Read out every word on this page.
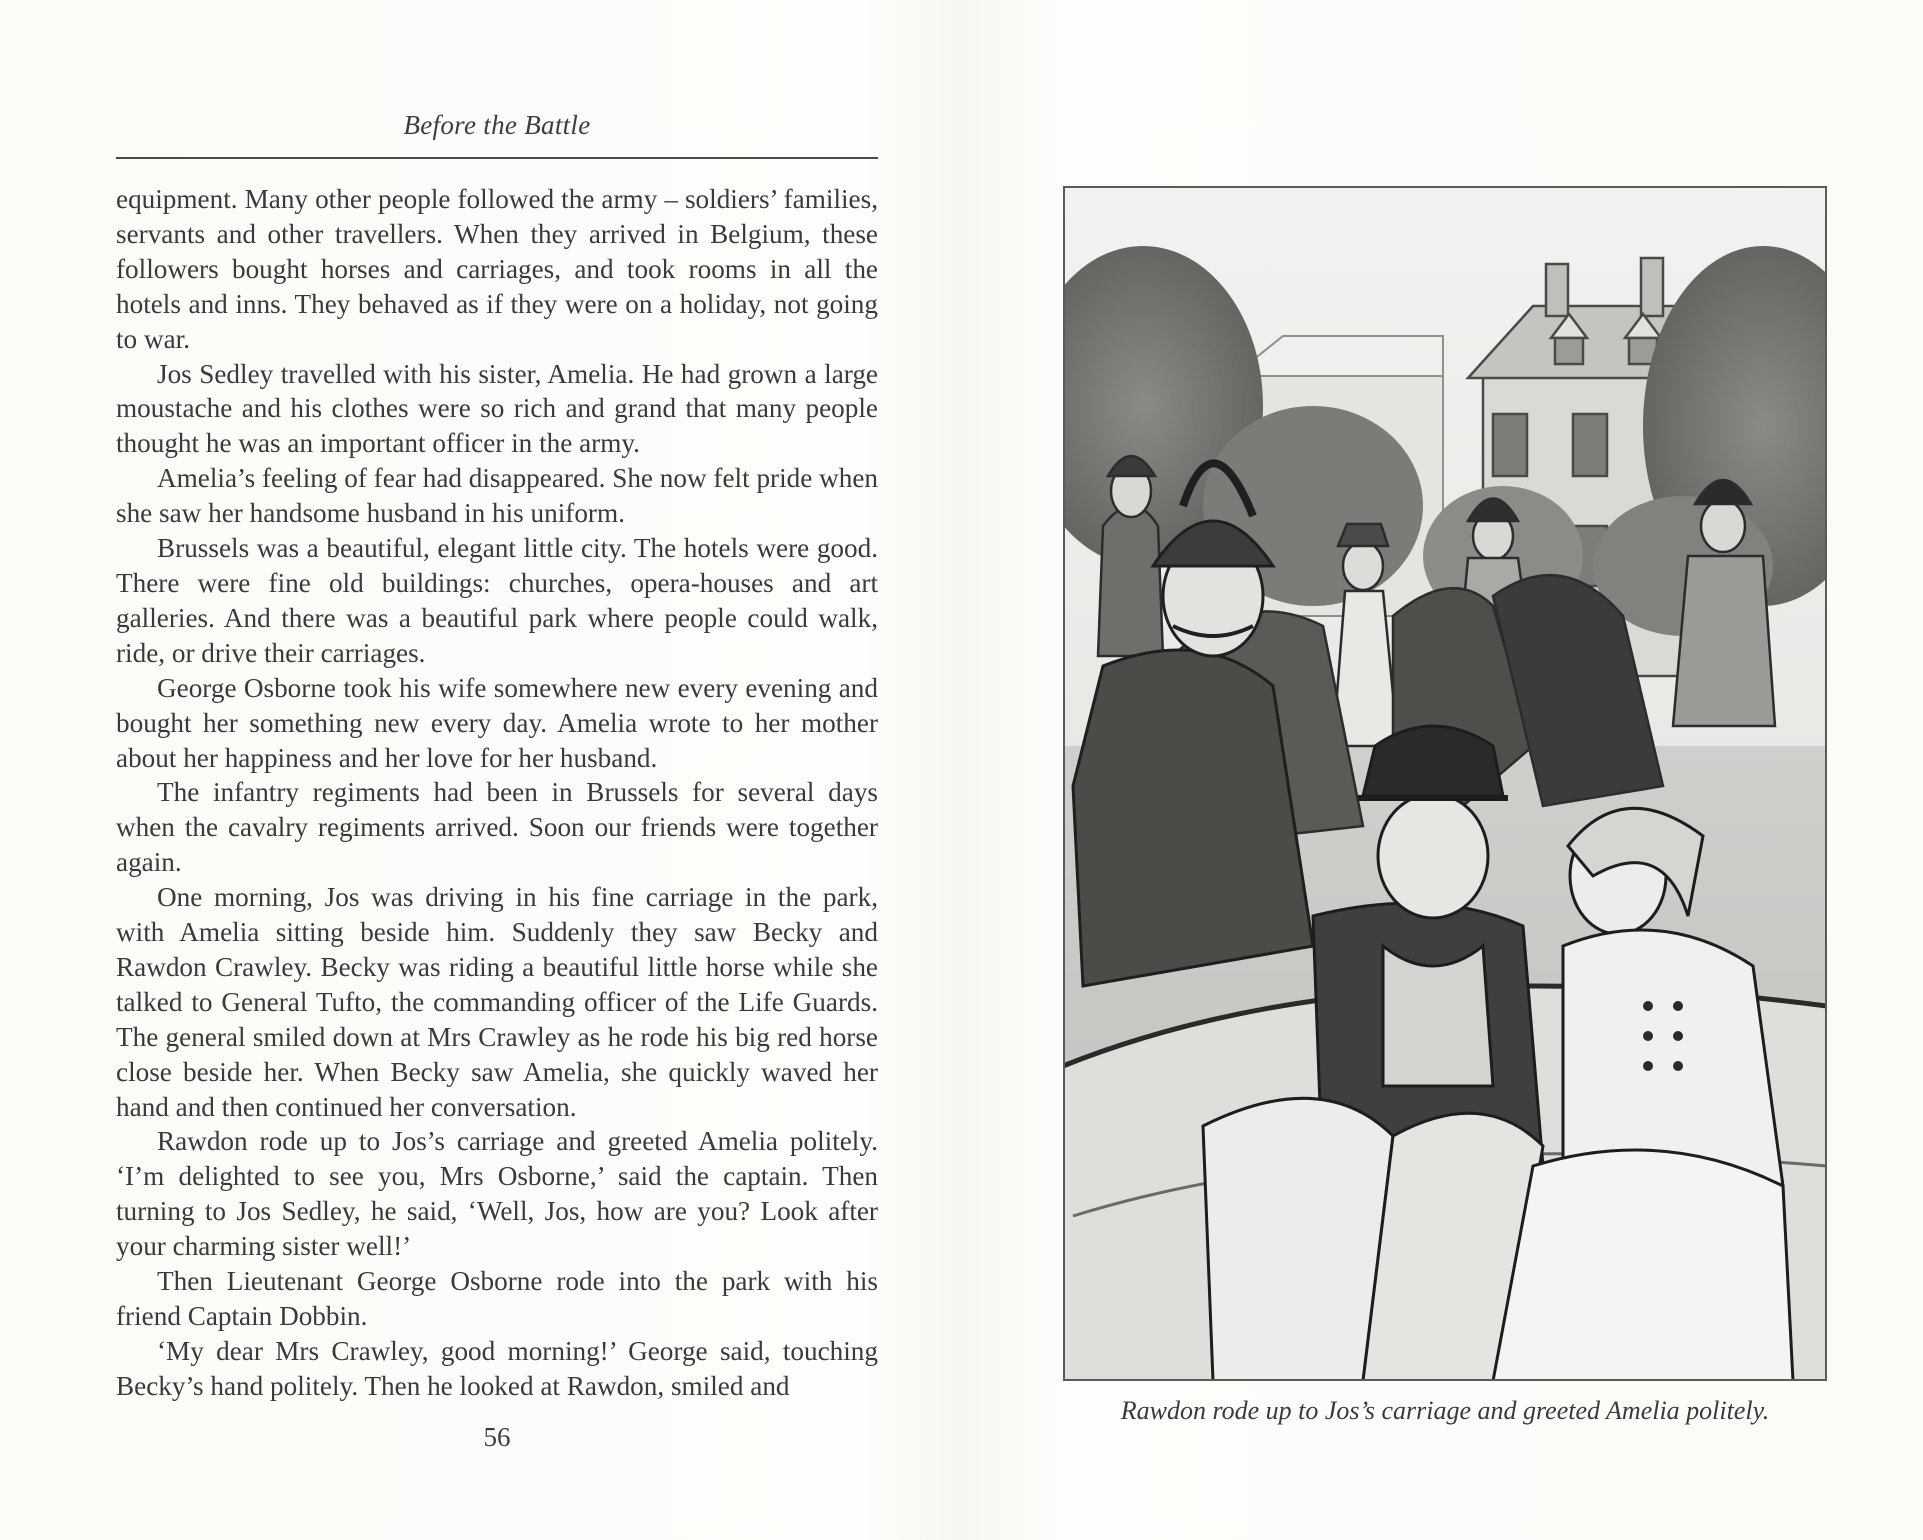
Before the Battle

equipment. Many other people followed the army – soldiers’ families, servants and other travellers. When they arrived in Belgium, these followers bought horses and carriages, and took rooms in all the hotels and inns. They behaved as if they were on a holiday, not going to war.

Jos Sedley travelled with his sister, Amelia. He had grown a large moustache and his clothes were so rich and grand that many people thought he was an important officer in the army.

Amelia’s feeling of fear had disappeared. She now felt pride when she saw her handsome husband in his uniform.

Brussels was a beautiful, elegant little city. The hotels were good. There were fine old buildings: churches, opera-houses and art galleries. And there was a beautiful park where people could walk, ride, or drive their carriages.

George Osborne took his wife somewhere new every evening and bought her something new every day. Amelia wrote to her mother about her happiness and her love for her husband.

The infantry regiments had been in Brussels for several days when the cavalry regiments arrived. Soon our friends were together again.

One morning, Jos was driving in his fine carriage in the park, with Amelia sitting beside him. Suddenly they saw Becky and Rawdon Crawley. Becky was riding a beautiful little horse while she talked to General Tufto, the commanding officer of the Life Guards. The general smiled down at Mrs Crawley as he rode his big red horse close beside her. When Becky saw Amelia, she quickly waved her hand and then continued her conversation.

Rawdon rode up to Jos’s carriage and greeted Amelia politely. ‘I’m delighted to see you, Mrs Osborne,’ said the captain. Then turning to Jos Sedley, he said, ‘Well, Jos, how are you? Look after your charming sister well!’

Then Lieutenant George Osborne rode into the park with his friend Captain Dobbin.

‘My dear Mrs Crawley, good morning!’ George said, touching Becky’s hand politely. Then he looked at Rawdon, smiled and

56
Rawdon rode up to Jos’s carriage and greeted Amelia politely.
